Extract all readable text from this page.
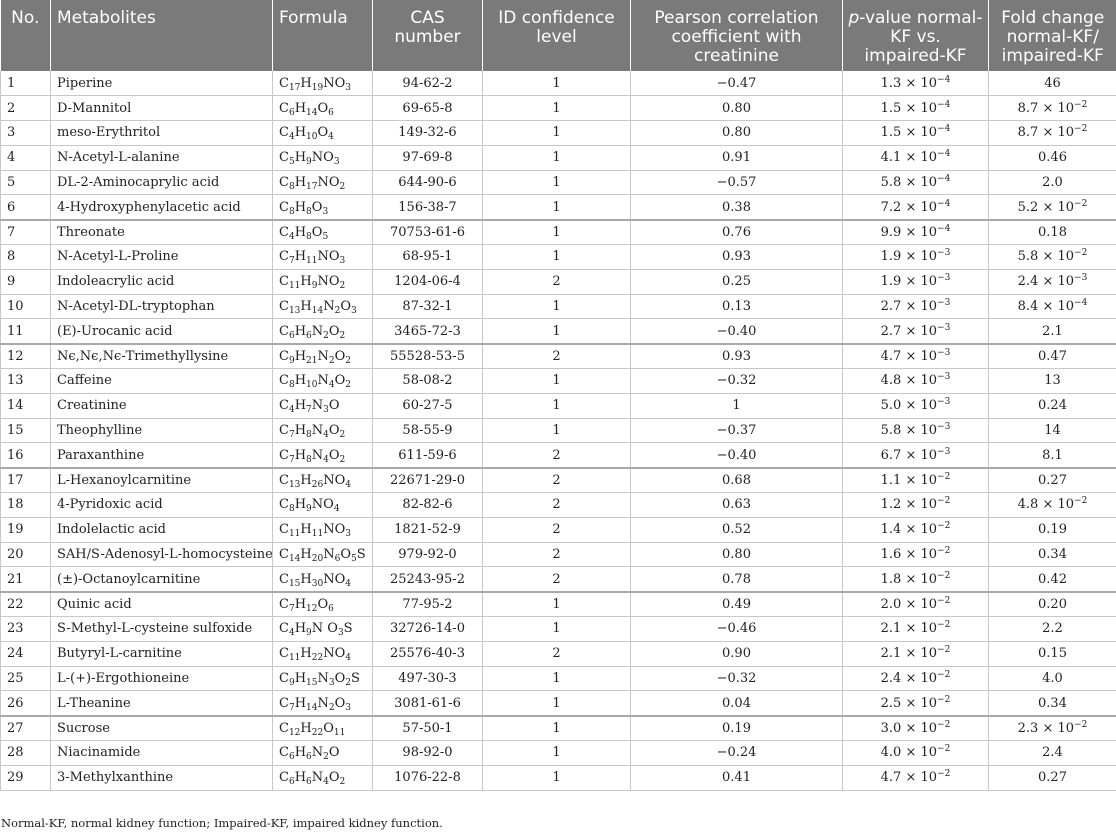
No.	Metabolites	Formula	CAS number	ID confidence level	Pearson correlation coefficient with creatinine	p-value normal-KF vs. impaired-KF	Fold change normal-KF/ impaired-KF
1	Piperine	$C_{17}H_{19}NO_3$	94-62-2	1	−0.47	$1.3 \times 10^{-4}$	46
2	D-Mannitol	$C_6H_{14}O_6$	69-65-8	1	0.80	$1.5 \times 10^{-4}$	$8.7 \times 10^{-2}$
3	meso-Erythritol	$C_4H_{10}O_4$	149-32-6	1	0.80	$1.5 \times 10^{-4}$	$8.7 \times 10^{-2}$
4	N-Acetyl-L-alanine	$C_5H_9NO_3$	97-69-8	1	0.91	$4.1 \times 10^{-4}$	0.46
5	DL-2-Aminocaprylic acid	$C_8H_{17}NO_2$	644-90-6	1	−0.57	$5.8 \times 10^{-4}$	2.0
6	4-Hydroxyphenylacetic acid	$C_8H_8O_3$	156-38-7	1	0.38	$7.2 \times 10^{-4}$	$5.2 \times 10^{-2}$
7	Threonate	$C_4H_8O_5$	70753-61-6	1	0.76	$9.9 \times 10^{-4}$	0.18
8	N-Acetyl-L-Proline	$C_7H_{11}NO_3$	68-95-1	1	0.93	$1.9 \times 10^{-3}$	$5.8 \times 10^{-2}$
9	Indoleacrylic acid	$C_{11}H_9NO_2$	1204-06-4	2	0.25	$1.9 \times 10^{-3}$	$2.4 \times 10^{-3}$
10	N-Acetyl-DL-tryptophan	$C_{13}H_{14}N_2O_3$	87-32-1	1	0.13	$2.7 \times 10^{-3}$	$8.4 \times 10^{-4}$
11	(E)-Urocanic acid	$C_6H_6N_2O_2$	3465-72-3	1	−0.40	$2.7 \times 10^{-3}$	2.1
12	Nϵ,Nϵ,Nϵ-Trimethyllysine	$C_9H_{21}N_2O_2$	55528-53-5	2	0.93	$4.7 \times 10^{-3}$	0.47
13	Caffeine	$C_8H_{10}N_4O_2$	58-08-2	1	−0.32	$4.8 \times 10^{-3}$	13
14	Creatinine	$C_4H_7N_3O$	60-27-5	1	1	$5.0 \times 10^{-3}$	0.24
15	Theophylline	$C_7H_8N_4O_2$	58-55-9	1	−0.37	$5.8 \times 10^{-3}$	14
16	Paraxanthine	$C_7H_8N_4O_2$	611-59-6	2	−0.40	$6.7 \times 10^{-3}$	8.1
17	L-Hexanoylcarnitine	$C_{13}H_{26}NO_4$	22671-29-0	2	0.68	$1.1 \times 10^{-2}$	0.27
18	4-Pyridoxic acid	$C_8H_9NO_4$	82-82-6	2	0.63	$1.2 \times 10^{-2}$	$4.8 \times 10^{-2}$
19	Indolelactic acid	$C_{11}H_{11}NO_3$	1821-52-9	2	0.52	$1.4 \times 10^{-2}$	0.19
20	SAH/S-Adenosyl-L-homocysteine	$C_{14}H_{20}N_6O_5S$	979-92-0	2	0.80	$1.6 \times 10^{-2}$	0.34
21	(±)-Octanoylcarnitine	$C_{15}H_{30}NO_4$	25243-95-2	2	0.78	$1.8 \times 10^{-2}$	0.42
22	Quinic acid	$C_7H_{12}O_6$	77-95-2	1	0.49	$2.0 \times 10^{-2}$	0.20
23	S-Methyl-L-cysteine sulfoxide	$C_4H_9N$ $O_3S$	32726-14-0	1	−0.46	$2.1 \times 10^{-2}$	2.2
24	Butyryl-L-carnitine	$C_{11}H_{22}NO_4$	25576-40-3	2	0.90	$2.1 \times 10^{-2}$	0.15
25	L-(+)-Ergothioneine	$C_9H_{15}N_3O_2S$	497-30-3	1	−0.32	$2.4 \times 10^{-2}$	4.0
26	L-Theanine	$C_7H_{14}N_2O_3$	3081-61-6	1	0.04	$2.5 \times 10^{-2}$	0.34
27	Sucrose	$C_{12}H_{22}O_{11}$	57-50-1	1	0.19	$3.0 \times 10^{-2}$	$2.3 \times 10^{-2}$
28	Niacinamide	$C_6H_6N_2O$	98-92-0	1	−0.24	$4.0 \times 10^{-2}$	2.4
29	3-Methylxanthine	$C_6H_6N_4O_2$	1076-22-8	1	0.41	$4.7 \times 10^{-2}$	0.27
Normal-KF, normal kidney function; Impaired-KF, impaired kidney function.
